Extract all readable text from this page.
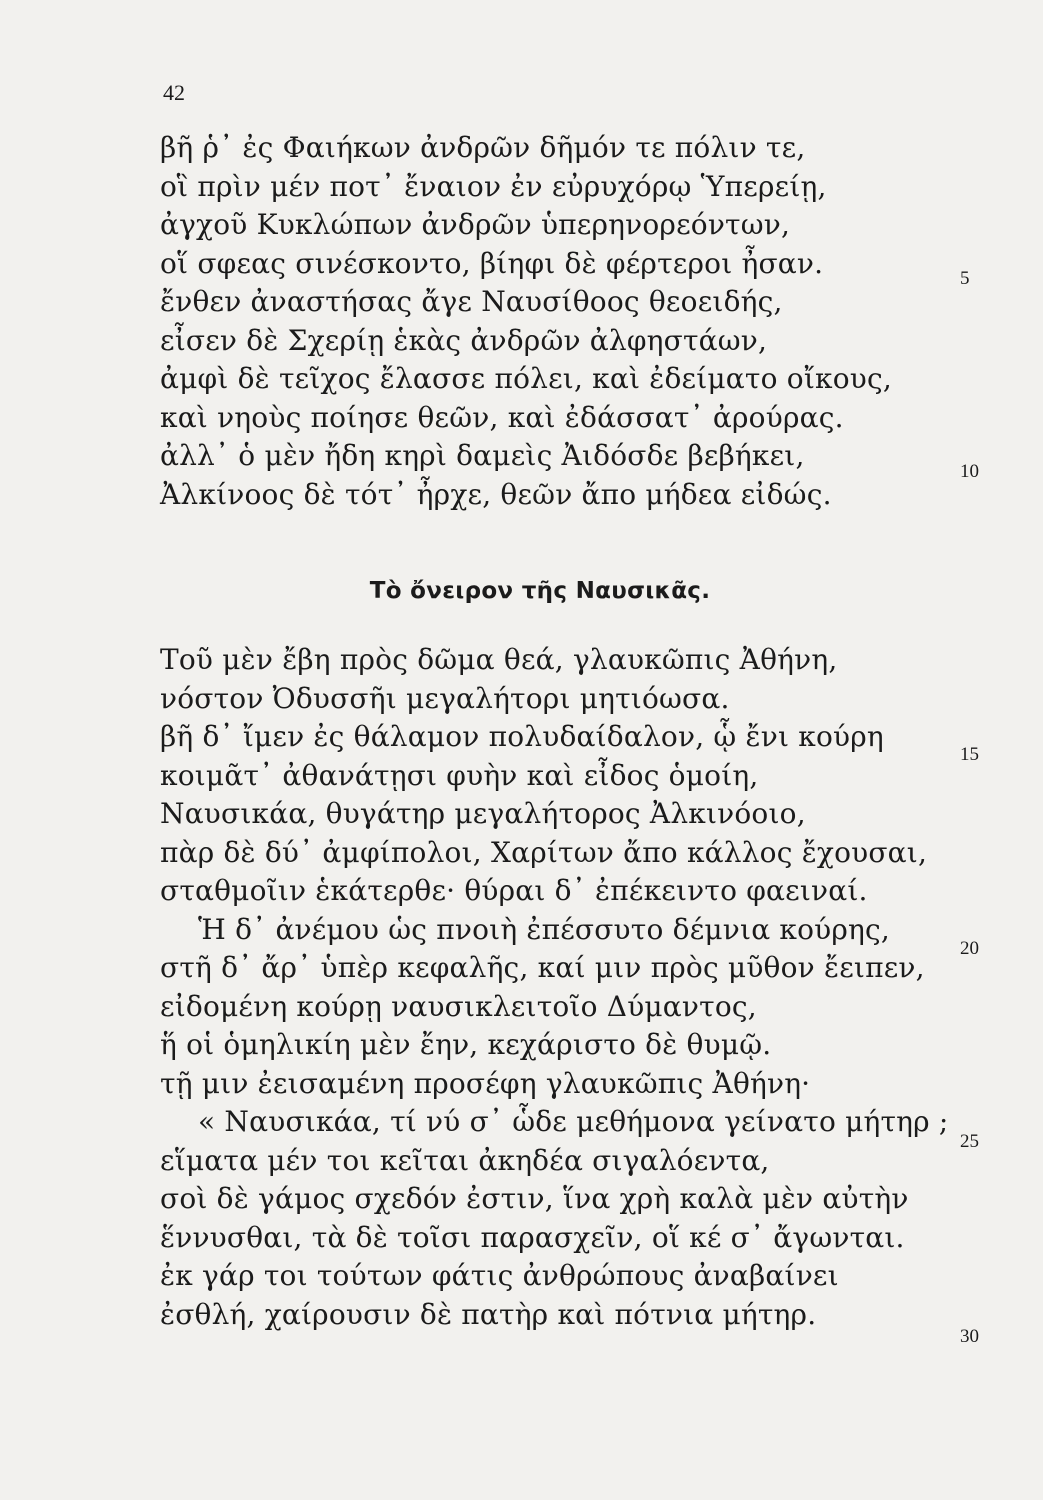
42
βῆ ῥ᾽ ἐς Φαιήκων ἀνδρῶν δῆμόν τε πόλιν τε,
οἳ πρὶν μέν ποτ᾽ ἔναιον ἐν εὐρυχόρῳ Ὑπερείῃ,
ἀγχοῦ Κυκλώπων ἀνδρῶν ὑπερηνορεόντων,
οἵ σφεας σινέσκοντο, βίηφι δὲ φέρτεροι ἦσαν.
ἔνθεν ἀναστήσας ἄγε Ναυσίθοος θεοειδής,
εἶσεν δὲ Σχερίῃ ἑκὰς ἀνδρῶν ἀλφηστάων,
ἀμφὶ δὲ τεῖχος ἔλασσε πόλει, καὶ ἐδείματο οἴκους,
καὶ νηοὺς ποίησε θεῶν, καὶ ἐδάσσατ᾽ ἀρούρας.
ἀλλ᾽ ὁ μὲν ἤδη κηρὶ δαμεὶς Ἀιδόσδε βεβήκει,
Ἀλκίνοος δὲ τότ᾽ ἦρχε, θεῶν ἄπο μήδεα εἰδώς.
Τὸ ὄνειρον τῆς Ναυσικᾶς.
Τοῦ μὲν ἔβη πρὸς δῶμα θεά, γλαυκῶπις Ἀθήνη,
νόστον Ὀδυσσῆι μεγαλήτορι μητιόωσα.
βῆ δ᾽ ἴμεν ἐς θάλαμον πολυδαίδαλον, ᾧ ἔνι κούρη
κοιμᾶτ᾽ ἀθανάτῃσι φυὴν καὶ εἶδος ὁμοίη,
Ναυσικάα, θυγάτηρ μεγαλήτορος Ἀλκινόοιο,
πὰρ δὲ δύ᾽ ἀμφίπολοι, Χαρίτων ἄπο κάλλος ἔχουσαι,
σταθμοῖιν ἑκάτερθε· θύραι δ᾽ ἐπέκειντο φαειναί.
Ἡ δ᾽ ἀνέμου ὡς πνοιὴ ἐπέσσυτο δέμνια κούρης,
στῆ δ᾽ ἄρ᾽ ὑπὲρ κεφαλῆς, καί μιν πρὸς μῦθον ἔειπεν,
εἰδομένη κούρῃ ναυσικλειτοῖο Δύμαντος,
ἥ οἱ ὁμηλικίη μὲν ἔην, κεχάριστο δὲ θυμῷ.
τῇ μιν ἐεισαμένη προσέφη γλαυκῶπις Ἀθήνη·
« Ναυσικάα, τί νύ σ᾽ ὧδε μεθήμονα γείνατο μήτηρ ;
εἵματα μέν τοι κεῖται ἀκηδέα σιγαλόεντα,
σοὶ δὲ γάμος σχεδόν ἐστιν, ἵνα χρὴ καλὰ μὲν αὐτὴν
ἕννυσθαι, τὰ δὲ τοῖσι παρασχεῖν, οἵ κέ σ᾽ ἄγωνται.
ἐκ γάρ τοι τούτων φάτις ἀνθρώπους ἀναβαίνει
ἐσθλή, χαίρουσιν δὲ πατὴρ καὶ πότνια μήτηρ.
5
10
15
20
25
30
